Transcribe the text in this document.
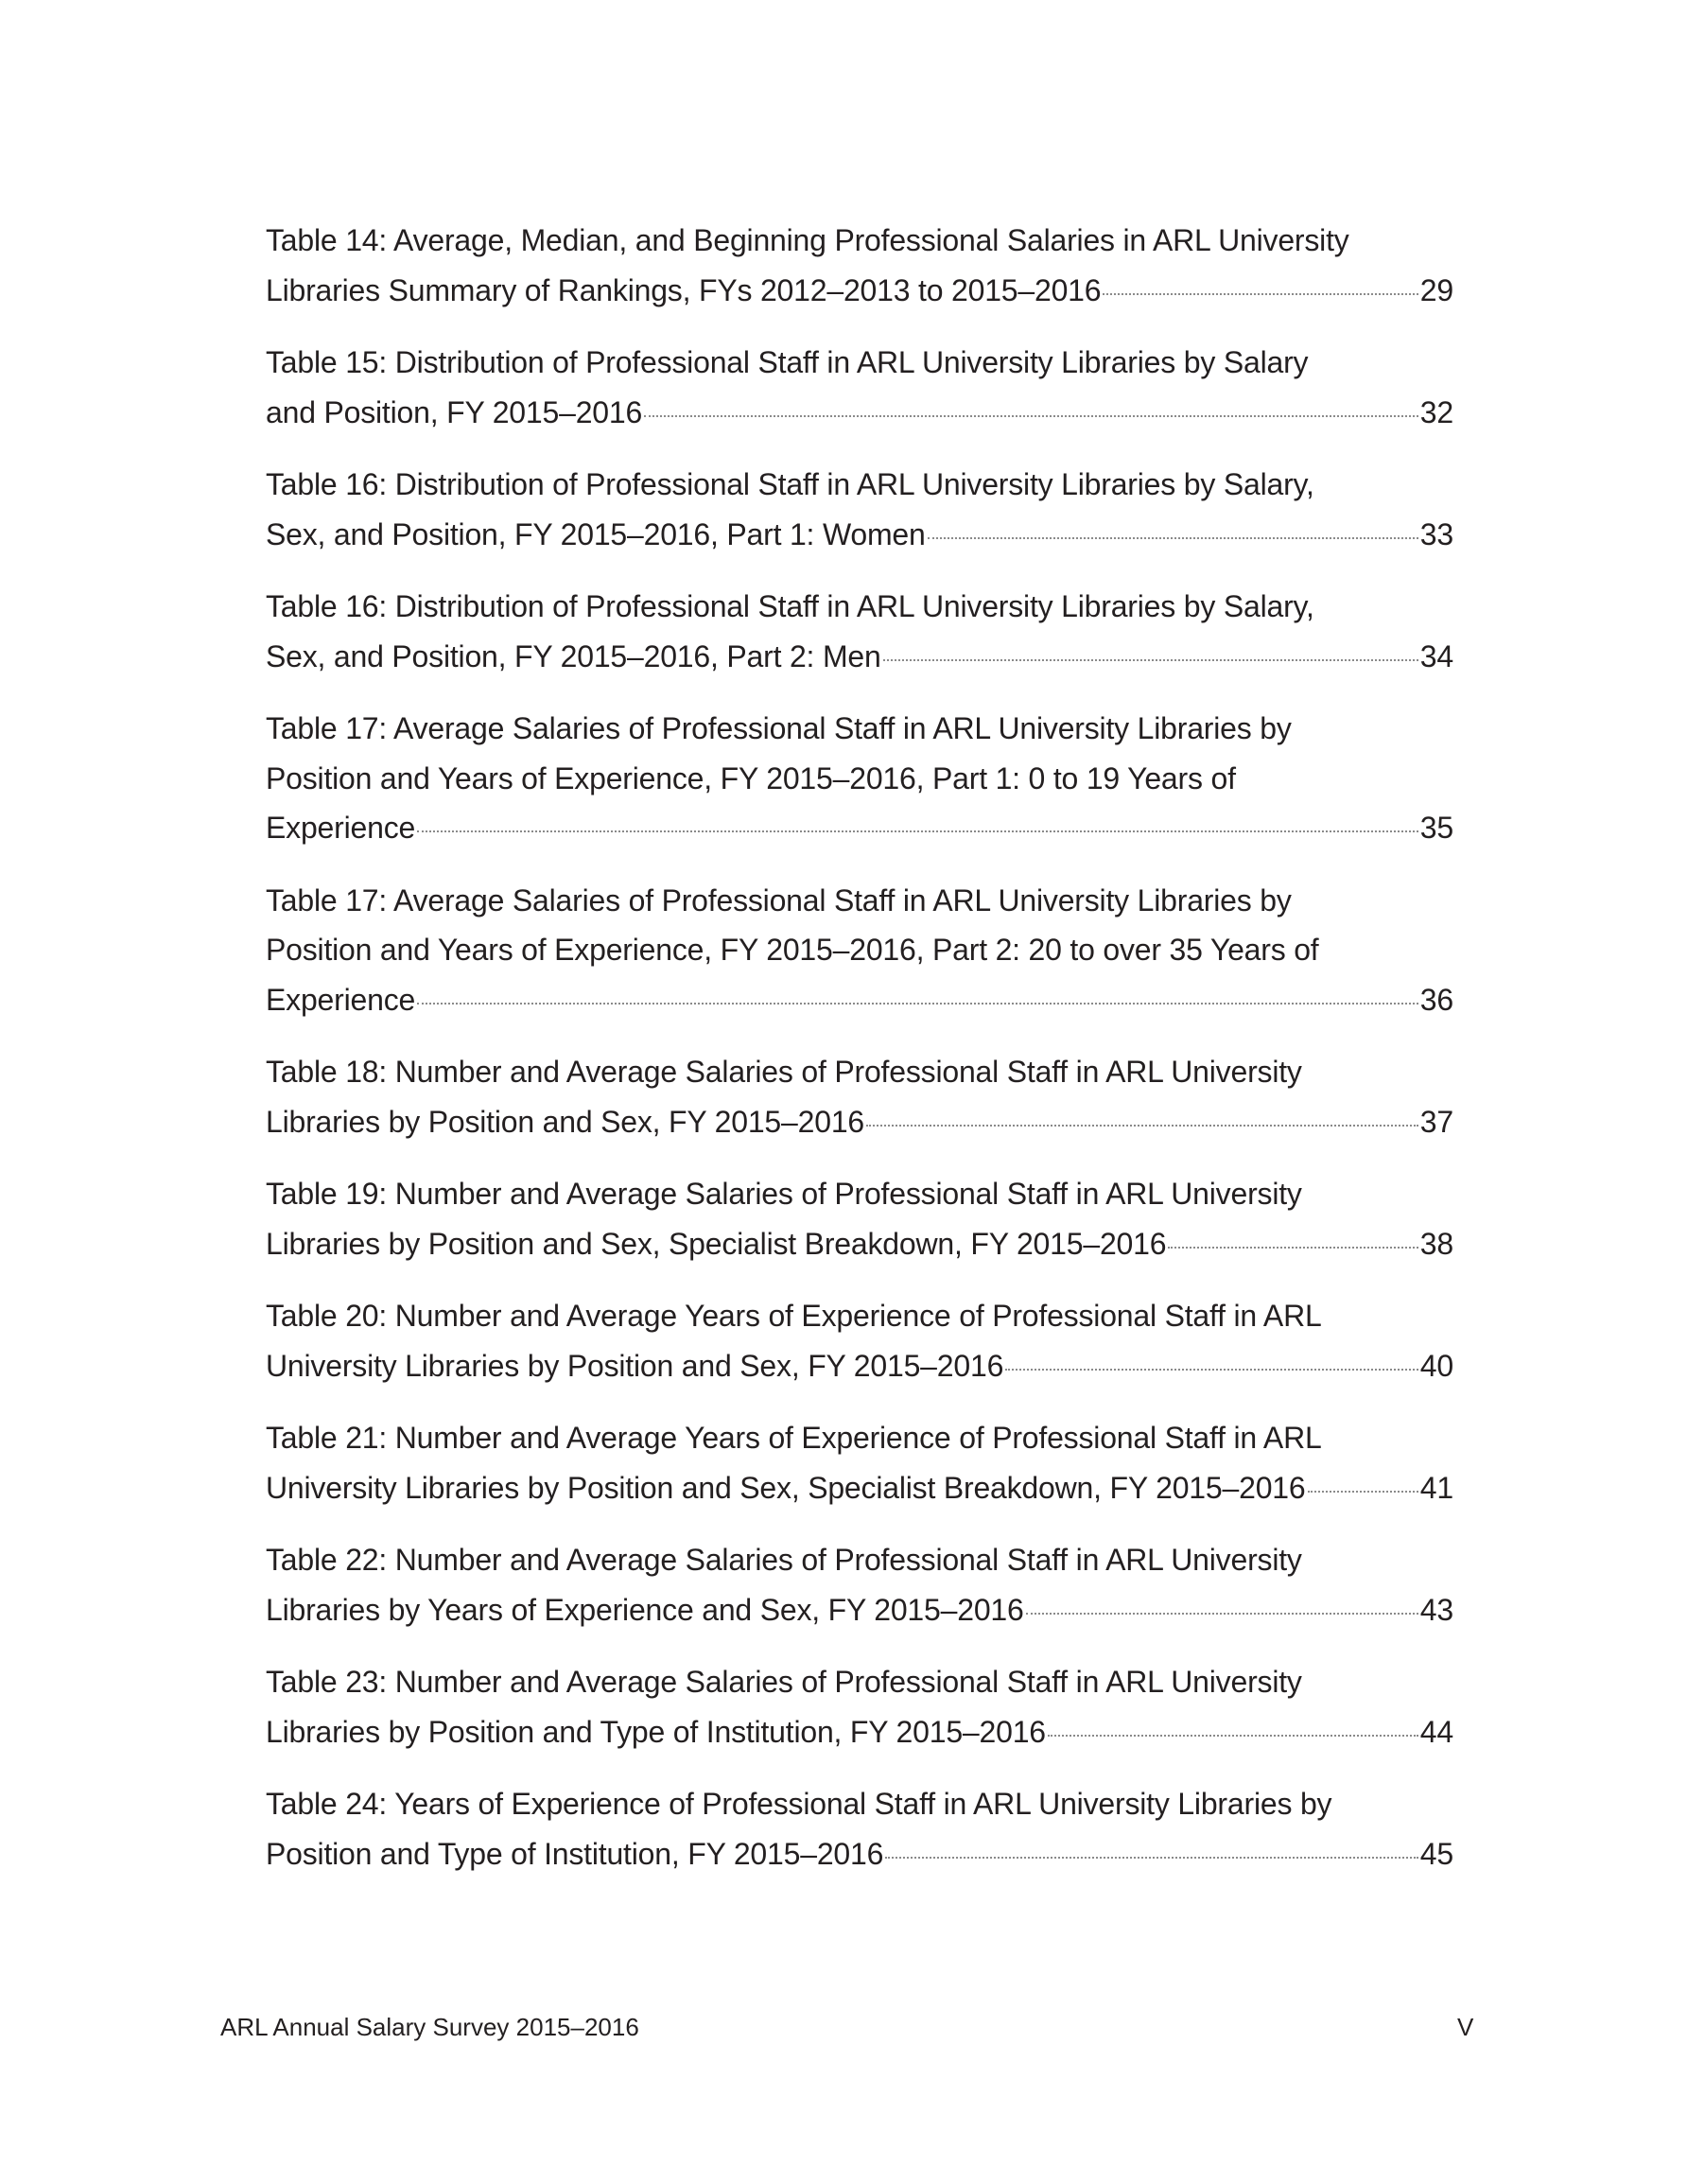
Table 14: Average, Median, and Beginning Professional Salaries in ARL University
Libraries Summary of Rankings, FYs 2012–2013 to 2015–2016	29
Table 15: Distribution of Professional Staff in ARL University Libraries by Salary
and Position, FY 2015–2016	32
Table 16: Distribution of Professional Staff in ARL University Libraries by Salary,
Sex, and Position, FY 2015–2016, Part 1: Women	33
Table 16: Distribution of Professional Staff in ARL University Libraries by Salary,
Sex, and Position, FY 2015–2016, Part 2: Men	34
Table 17: Average Salaries of Professional Staff in ARL University Libraries by
Position and Years of Experience, FY 2015–2016, Part 1: 0 to 19 Years of
Experience	35
Table 17: Average Salaries of Professional Staff in ARL University Libraries by
Position and Years of Experience, FY 2015–2016, Part 2: 20 to over 35 Years of
Experience	36
Table 18: Number and Average Salaries of Professional Staff in ARL University
Libraries by Position and Sex, FY 2015–2016	37
Table 19: Number and Average Salaries of Professional Staff in ARL University
Libraries by Position and Sex, Specialist Breakdown, FY 2015–2016	38
Table 20: Number and Average Years of Experience of Professional Staff in ARL
University Libraries by Position and Sex, FY 2015–2016	40
Table 21: Number and Average Years of Experience of Professional Staff in ARL
University Libraries by Position and Sex, Specialist Breakdown, FY 2015–2016	41
Table 22: Number and Average Salaries of Professional Staff in ARL University
Libraries by Years of Experience and Sex, FY 2015–2016	43
Table 23: Number and Average Salaries of Professional Staff in ARL University
Libraries by Position and Type of Institution, FY 2015–2016	44
Table 24: Years of Experience of Professional Staff in ARL University Libraries by
Position and Type of Institution, FY 2015–2016	45
ARL Annual Salary Survey 2015–2016	V
